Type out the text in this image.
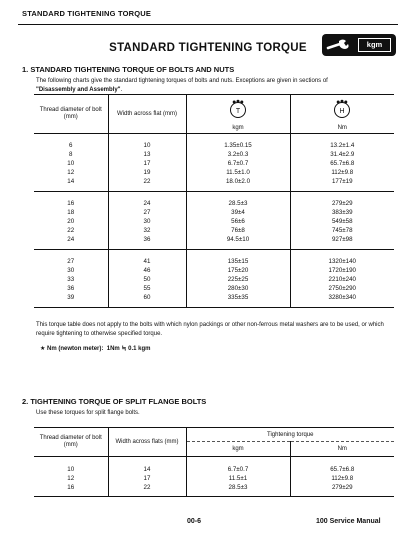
STANDARD TIGHTENING TORQUE
STANDARD TIGHTENING TORQUE	kgm
1. STANDARD TIGHTENING TORQUE OF BOLTS AND NUTS
The following charts give the standard tightening torques of bolts and nuts. Exceptions are given in sections of
"Disassembly and Assembly".
Thread diameter of bolt (mm)	Width across flat (mm)	T	H

		kgm	Nm

6	10	1.35±0.15	13.2±1.4
8	13	3.2±0.3	31.4±2.9
10	17	6.7±0.7	65.7±6.8
12	19	11.5±1.0	112±9.8
14	22	18.0±2.0	177±19

16	24	28.5±3	279±29
18	27	39±4	383±39
20	30	56±6	549±58
22	32	76±8	745±78
24	36	94.5±10	927±98

27	41	135±15	1320±140
30	46	175±20	1720±190
33	50	225±25	2210±240
36	55	280±30	2750±290
39	60	335±35	3280±340
This torque table does not apply to the bolts with which nylon packings or other non-ferrous metal washers are to be used, or which require tightening to otherwise specified torque.
★ Nm (newton meter): 1Nm ≒ 0.1 kgm
2. TIGHTENING TORQUE OF SPLIT FLANGE BOLTS
Use these torques for split flange bolts.
Thread diameter of bolt (mm)	Width across flats (mm)	Tightening torque	
		kgm	Nm

10	14	6.7±0.7	65.7±6.8
12	17	11.5±1	112±9.8
16	22	28.5±3	279±29
00-6	100 Service Manual
